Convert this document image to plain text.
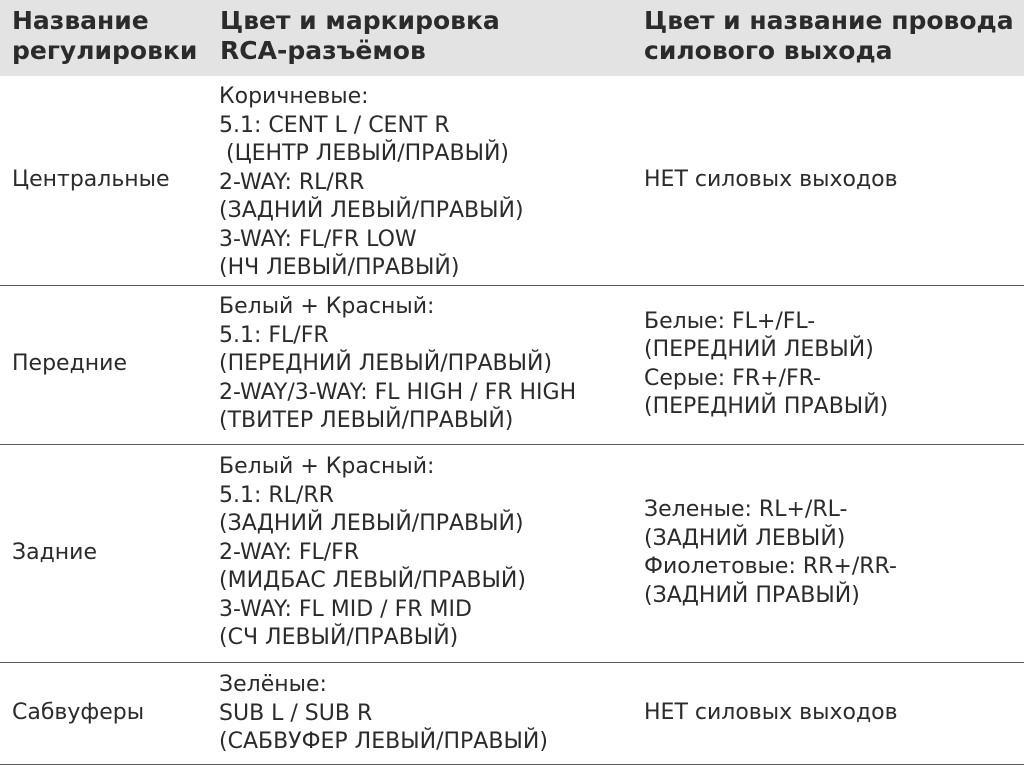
Название
регулировки
Цвет и маркировка
RCA-разъёмов
Цвет и название провода
силового выхода
Центральные
Коричневые:
5.1: CENT L / CENT R
(ЦЕНТР ЛЕВЫЙ/ПРАВЫЙ)
2-WAY: RL/RR
(ЗАДНИЙ ЛЕВЫЙ/ПРАВЫЙ)
3-WAY: FL/FR LOW
(НЧ ЛЕВЫЙ/ПРАВЫЙ)
НЕТ силовых выходов
Передние
Белый + Красный:
5.1: FL/FR
(ПЕРЕДНИЙ ЛЕВЫЙ/ПРАВЫЙ)
2-WAY/3-WAY: FL HIGH / FR HIGH
(ТВИТЕР ЛЕВЫЙ/ПРАВЫЙ)
Белые: FL+/FL-
(ПЕРЕДНИЙ ЛЕВЫЙ)
Серые: FR+/FR-
(ПЕРЕДНИЙ ПРАВЫЙ)
Задние
Белый + Красный:
5.1: RL/RR
(ЗАДНИЙ ЛЕВЫЙ/ПРАВЫЙ)
2-WAY: FL/FR
(МИДБАС ЛЕВЫЙ/ПРАВЫЙ)
3-WAY: FL MID / FR MID
(СЧ ЛЕВЫЙ/ПРАВЫЙ)
Зеленые: RL+/RL-
(ЗАДНИЙ ЛЕВЫЙ)
Фиолетовые: RR+/RR-
(ЗАДНИЙ ПРАВЫЙ)
Сабвуферы
Зелёные:
SUB L / SUB R
(САБВУФЕР ЛЕВЫЙ/ПРАВЫЙ)
НЕТ силовых выходов
